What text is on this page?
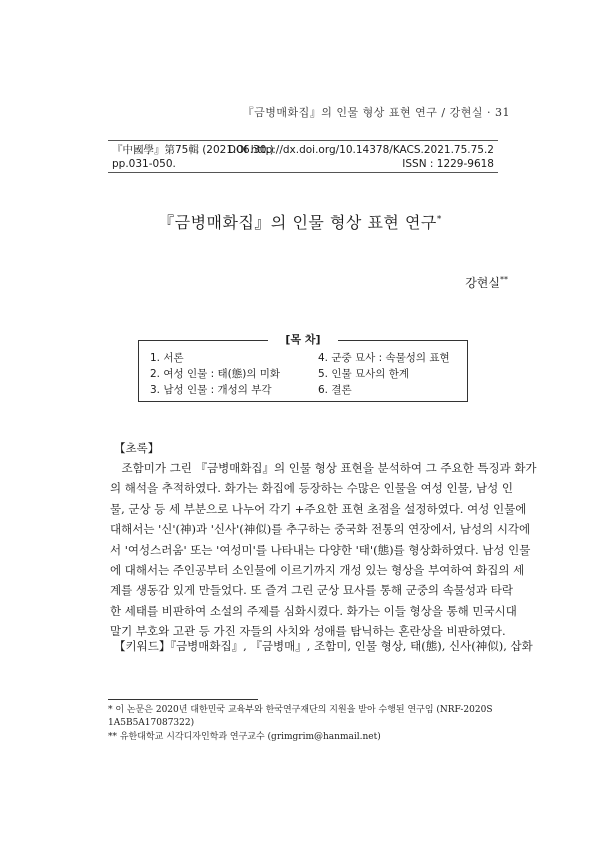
『금병매화집』의 인물 형상 표현 연구 / 강현실 · 31
『中國學』第75輯 (2021.06.30.)
pp.031-050.
DOI http://dx.doi.org/10.14378/KACS.2021.75.75.2
ISSN : 1229-9618
『금병매화집』의 인물 형상 표현 연구*
강현실**
[목 차]
1. 서론
2. 여성 인물 : 태(態)의 미화
3. 남성 인물 : 개성의 부각
4. 군중 묘사 : 속물성의 표현
5. 인물 묘사의 한계
6. 결론
【초록】
　조함미가 그린 『금병매화집』의 인물 형상 표현을 분석하여 그 주요한 특징과 화가
의 해석을 추적하였다. 화가는 화집에 등장하는 수많은 인물을 여성 인물, 남성 인
물, 군상 등 세 부분으로 나누어 각기 +주요한 표현 초점을 설정하였다. 여성 인물에
대해서는 '신'(神)과 '신사'(神似)를 추구하는 중국화 전통의 연장에서, 남성의 시각에
서 '여성스러움' 또는 '여성미'를 나타내는 다양한 '태'(態)를 형상화하였다. 남성 인물
에 대해서는 주인공부터 소인물에 이르기까지 개성 있는 형상을 부여하여 화집의 세
계를 생동감 있게 만들었다. 또 즐겨 그린 군상 묘사를 통해 군중의 속물성과 타락
한 세태를 비판하여 소설의 주제를 심화시켰다. 화가는 이들 형상을 통해 민국시대
말기 부호와 고관 등 가진 자들의 사치와 성애를 탐닉하는 혼란상을 비판하였다.
【키워드】『금병매화집』, 『금병매』, 조함미, 인물 형상, 태(態), 신사(神似), 삽화
* 이 논문은 2020년 대한민국 교육부와 한국연구재단의 지원을 받아 수행된 연구임 (NRF-2020S 1A5B5A17087322)
** 유한대학교 시각디자인학과 연구교수 (grimgrim@hanmail.net)
